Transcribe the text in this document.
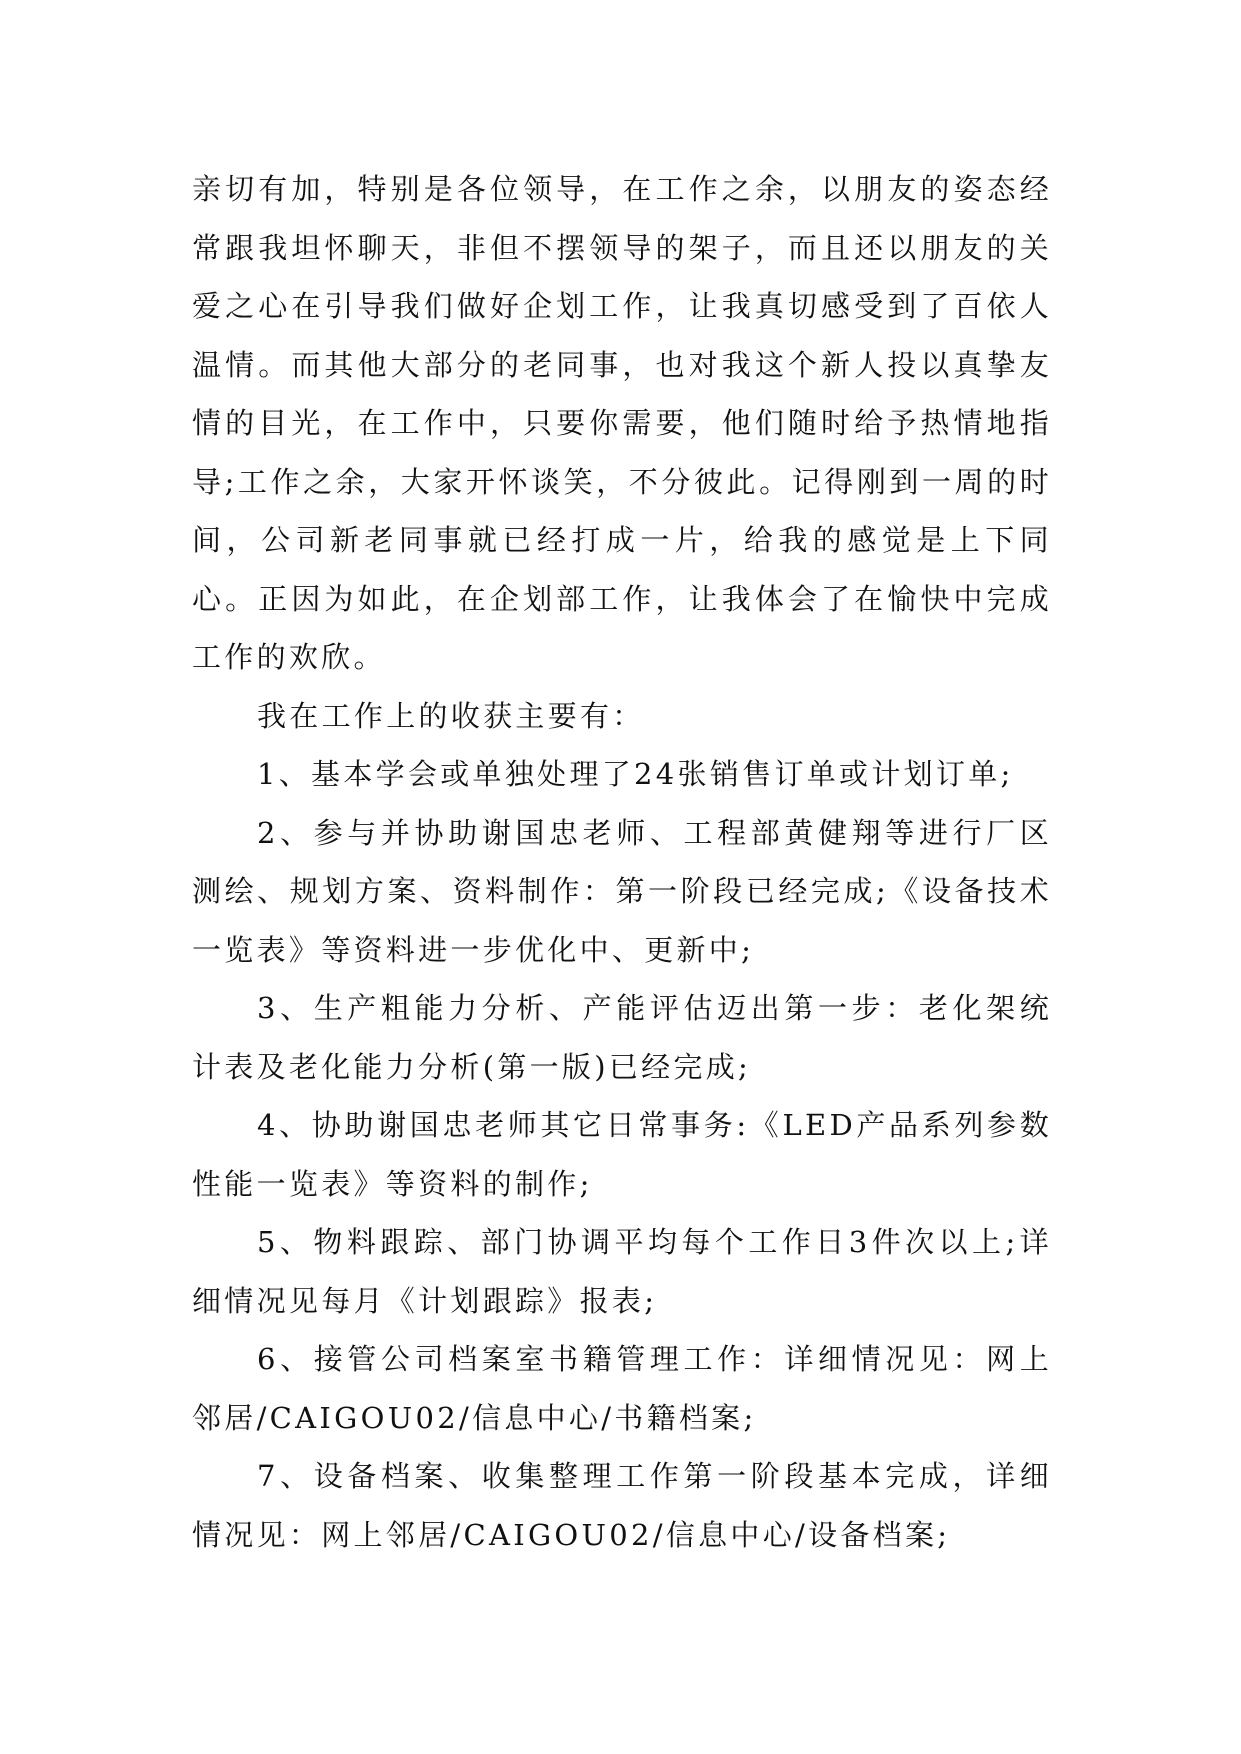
亲切有加，特别是各位领导，在工作之余，以朋友的姿态经常跟我坦怀聊天，非但不摆领导的架子，而且还以朋友的关爱之心在引导我们做好企划工作，让我真切感受到了百依人温情。而其他大部分的老同事，也对我这个新人投以真挚友情的目光，在工作中，只要你需要，他们随时给予热情地指导;工作之余，大家开怀谈笑，不分彼此。记得刚到一周的时间，公司新老同事就已经打成一片，给我的感觉是上下同心。正因为如此，在企划部工作，让我体会了在愉快中完成工作的欢欣。

我在工作上的收获主要有：

1、基本学会或单独处理了24张销售订单或计划订单;

2、参与并协助谢国忠老师、工程部黄健翔等进行厂区测绘、规划方案、资料制作：第一阶段已经完成;《设备技术一览表》等资料进一步优化中、更新中;

3、生产粗能力分析、产能评估迈出第一步：老化架统计表及老化能力分析(第一版)已经完成;

4、协助谢国忠老师其它日常事务:《LED产品系列参数性能一览表》等资料的制作;

5、物料跟踪、部门协调平均每个工作日3件次以上;详细情况见每月《计划跟踪》报表;

6、接管公司档案室书籍管理工作：详细情况见：网上邻居/CAIGOU02/信息中心/书籍档案;

7、设备档案、收集整理工作第一阶段基本完成，详细情况见：网上邻居/CAIGOU02/信息中心/设备档案;
